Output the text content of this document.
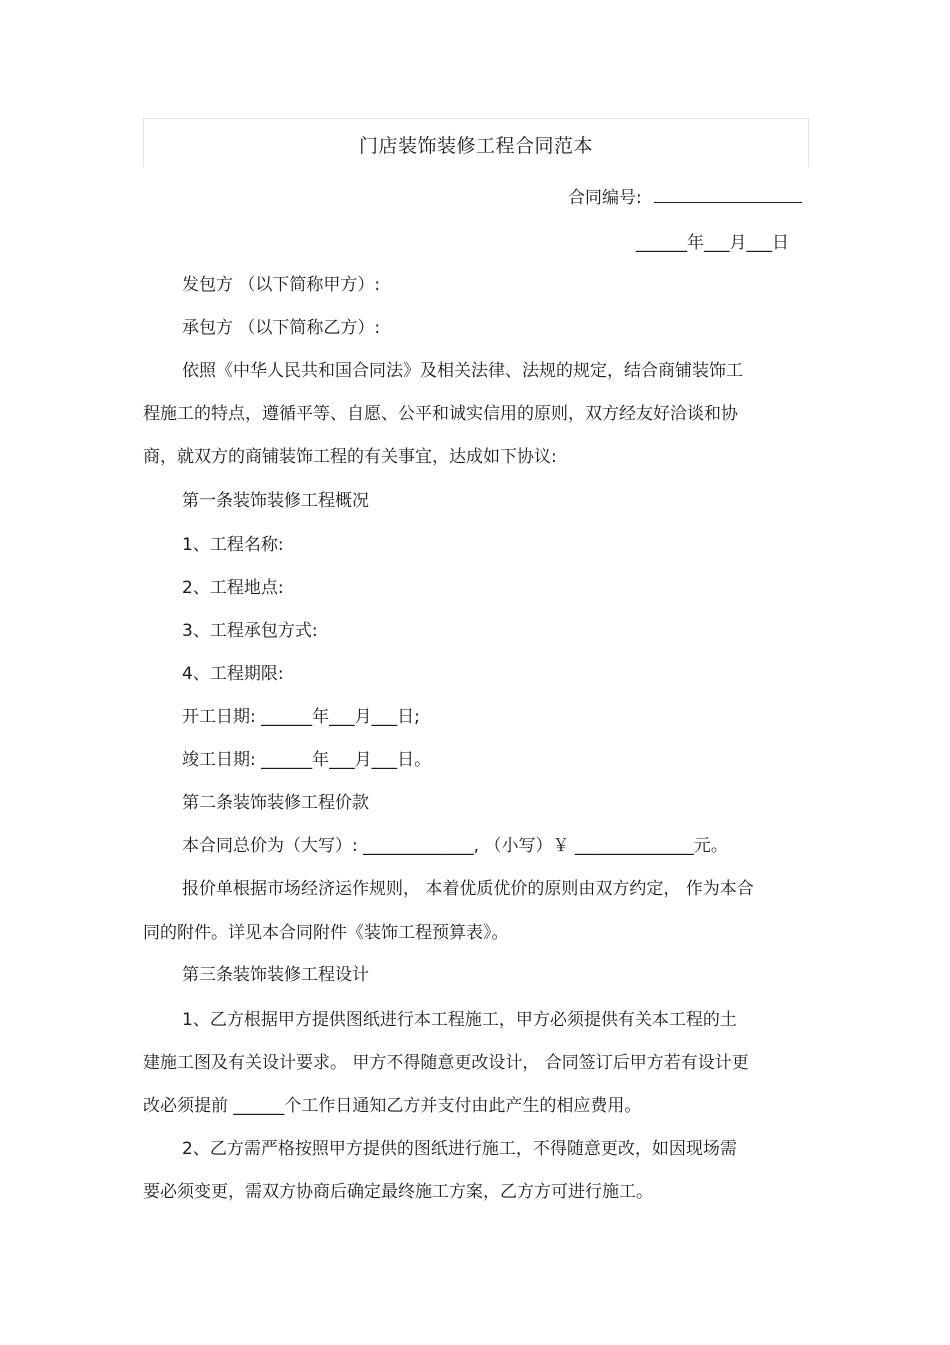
门店装饰装修工程合同范本
合同编号:
______年___月___日
发包方 （以下简称甲方）:
承包方 （以下简称乙方）:
依照《中华人民共和国合同法》及相关法律、法规的规定，结合商铺装饰工
程施工的特点，遵循平等、自愿、公平和诚实信用的原则，双方经友好洽谈和协
商，就双方的商铺装饰工程的有关事宜，达成如下协议:
第一条装饰装修工程概况
1、工程名称:
2、工程地点:
3、工程承包方式:
4、工程期限:
开工日期: ______年___月___日;
竣工日期: ______年___月___日。
第二条装饰装修工程价款
本合同总价为（大写）: _____________, （小写）￥ ______________元。
报价单根据市场经济运作规则， 本着优质优价的原则由双方约定， 作为本合
同的附件。详见本合同附件《装饰工程预算表》。
第三条装饰装修工程设计
1、乙方根据甲方提供图纸进行本工程施工，甲方必须提供有关本工程的土
建施工图及有关设计要求。 甲方不得随意更改设计， 合同签订后甲方若有设计更
改必须提前 ______个工作日通知乙方并支付由此产生的相应费用。
2、乙方需严格按照甲方提供的图纸进行施工，不得随意更改，如因现场需
要必须变更，需双方协商后确定最终施工方案，乙方方可进行施工。
